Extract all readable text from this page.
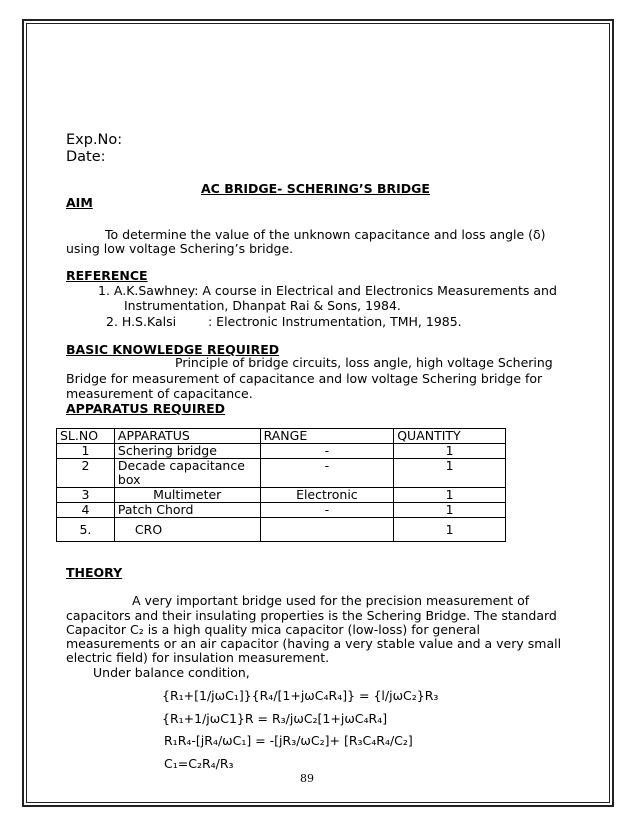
Exp.No:
Date:
AC BRIDGE- SCHERING’S BRIDGE
AIM
To determine the value of the unknown capacitance and loss angle (δ)
using low voltage Schering’s bridge.
REFERENCE
1. A.K.Sawhney: A course in Electrical and Electronics Measurements and
Instrumentation, Dhanpat Rai & Sons, 1984.
2. H.S.Kalsi	: Electronic Instrumentation, TMH, 1985.
BASIC KNOWLEDGE REQUIRED
Principle of bridge circuits, loss angle, high voltage Schering
Bridge for measurement of capacitance and low voltage Schering bridge for
measurement of capacitance.
APPARATUS REQUIRED
SL.NO	APPARATUS	RANGE	QUANTITY
1	Schering bridge	-	1
2	Decade capacitance box	-	1
3	Multimeter	Electronic	1
4	Patch Chord	-	1
5.	CRO		1
THEORY
A very important bridge used for the precision measurement of
capacitors and their insulating properties is the Schering Bridge. The standard
Capacitor C₂ is a high quality mica capacitor (low-loss) for general
measurements or an air capacitor (having a very stable value and a very small
electric field) for insulation measurement.
Under balance condition,
{R₁+[1/jωC₁]}{R₄/[1+jωC₄R₄]} = {l/jωC₂}R₃
{R₁+1/jωC1}R = R₃/jωC₂[1+jωC₄R₄]
R₁R₄-[jR₄/ωC₁] = -[jR₃/ωC₂]+ [R₃C₄R₄/C₂]
C₁=C₂R₄/R₃
89
